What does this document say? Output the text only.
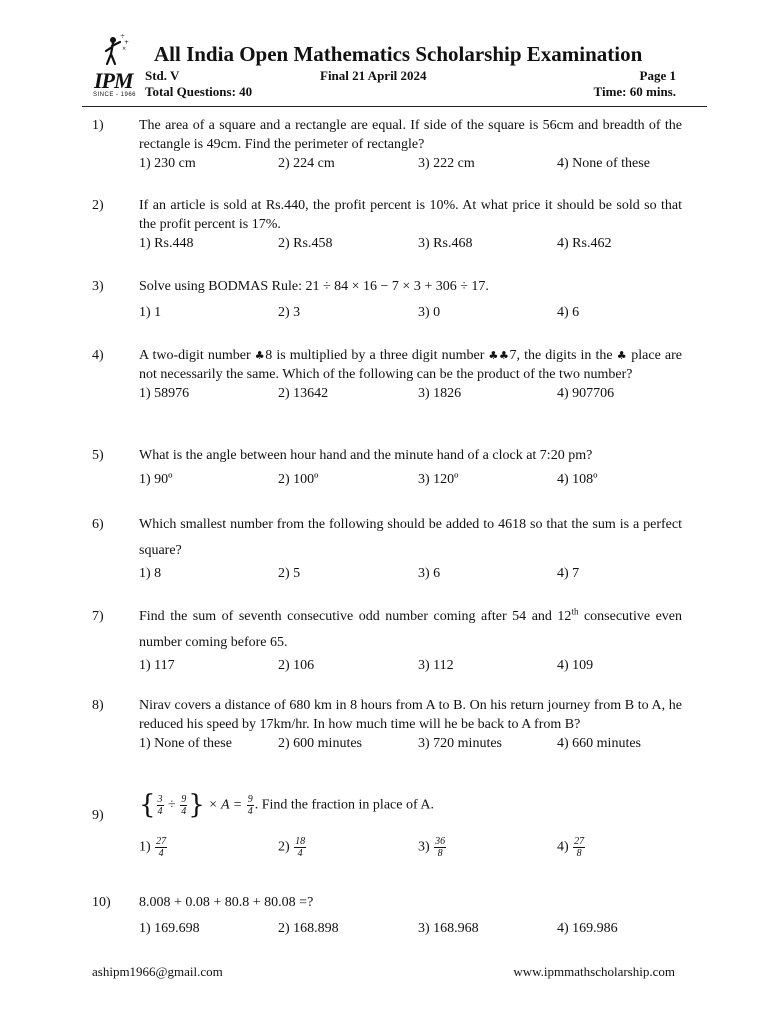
÷
+
×
IPM
SINCE - 1966
All India Open Mathematics Scholarship Examination
Std. V	Final 21 April 2024	Page 1
Total Questions: 40	Time: 60 mins.
1)	The area of a square and a rectangle are equal. If side of the square is 56cm and breadth of the rectangle is 49cm. Find the perimeter of rectangle?
1) 230 cm	2) 224 cm	3) 222 cm	4) None of these
2)	If an article is sold at Rs.440, the profit percent is 10%. At what price it should be sold so that the profit percent is 17%.
1) Rs.448	2) Rs.458	3) Rs.468	4) Rs.462
3)	Solve using BODMAS Rule: 21 ÷ 84 × 16 − 7 × 3 + 306 ÷ 17.
1) 1	2) 3	3) 0	4) 6
4)	A two-digit number ♣8 is multiplied by a three digit number ♣♣7, the digits in the ♣ place are not necessarily the same. Which of the following can be the product of the two number?
1) 58976	2) 13642	3) 1826	4) 907706
5)	What is the angle between hour hand and the minute hand of a clock at 7:20 pm?
1) 90º	2) 100º	3) 120º	4) 108º
6)	Which smallest number from the following should be added to 4618 so that the sum is a perfect square?
1) 8	2) 5	3) 6	4) 7
7)	Find the sum of seventh consecutive odd number coming after 54 and 12th consecutive even number coming before 65.
1) 117	2) 106	3) 112	4) 109
8)	Nirav covers a distance of 680 km in 8 hours from A to B. On his return journey from B to A, he reduced his speed by 17km/hr. In how much time will he be back to A from B?
1) None of these	2) 600 minutes	3) 720 minutes	4) 660 minutes
9) { $\frac{3}{4} \div \frac{9}{4}$ } × $A = \frac{9}{4}$ . Find the fraction in place of A.
$1) \frac{27}{4}$	$2) \frac{18}{4}$	$3) \frac{36}{8}$	$4) \frac{27}{8}$
10) 8.008 + 0.08 + 80.8 + 80.08 =?
1) 169.698	2) 168.898	3) 168.968	4) 169.986
ashipm1966@gmail.com	www.ipmmathscholarship.com
